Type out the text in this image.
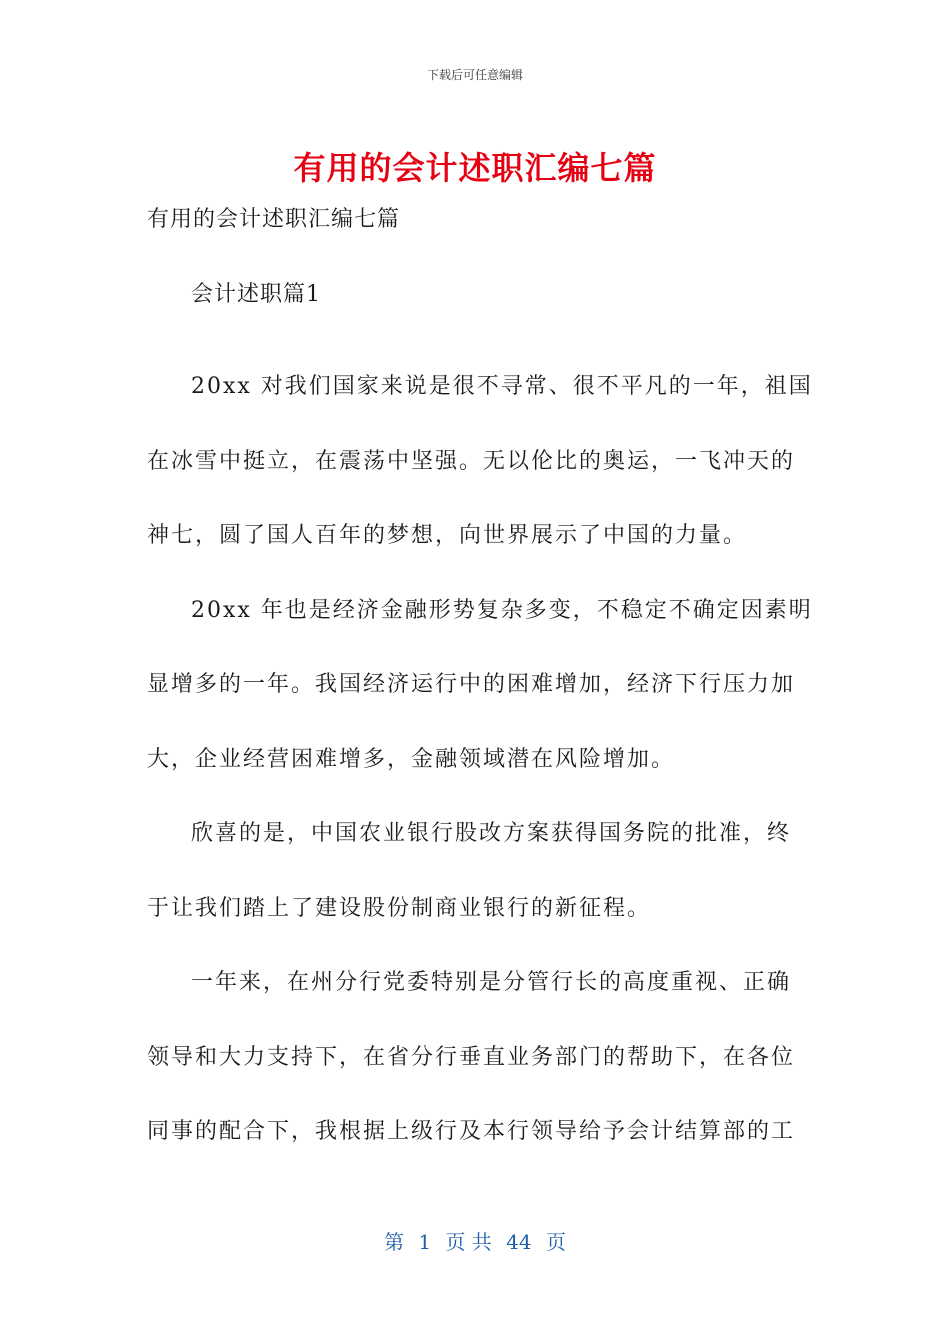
下载后可任意编辑
有用的会计述职汇编七篇

有用的会计述职汇编七篇

会计述职篇1

20xx 对我们国家来说是很不寻常、很不平凡的一年，祖国
在冰雪中挺立，在震荡中坚强。无以伦比的奥运，一飞冲天的
神七，圆了国人百年的梦想，向世界展示了中国的力量。

20xx 年也是经济金融形势复杂多变，不稳定不确定因素明
显增多的一年。我国经济运行中的困难增加，经济下行压力加
大，企业经营困难增多，金融领域潜在风险增加。

欣喜的是，中国农业银行股改方案获得国务院的批准，终
于让我们踏上了建设股份制商业银行的新征程。

一年来，在州分行党委特别是分管行长的高度重视、正确
领导和大力支持下，在省分行垂直业务部门的帮助下，在各位
同事的配合下，我根据上级行及本行领导给予会计结算部的工

第 1 页 共 44 页
